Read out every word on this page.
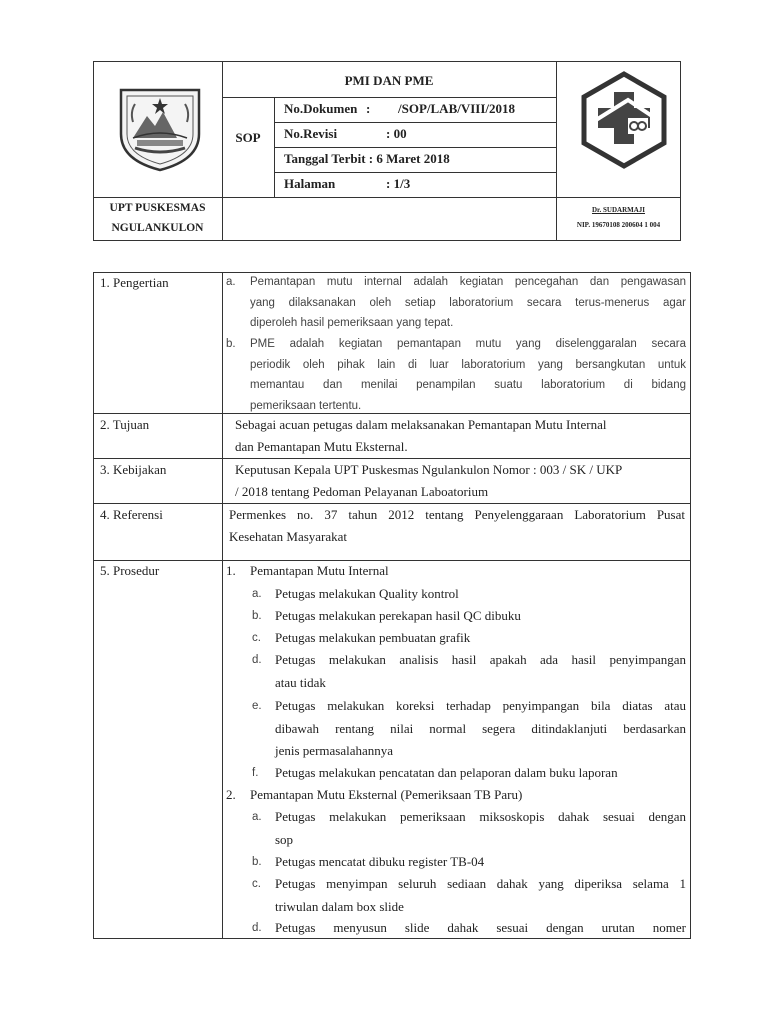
PMI DAN PME
SOP
No.Dokumen : /SOP/LAB/VIII/2018
No.Revisi	: 00
Tanggal Terbit : 6 Maret 2018
Halaman	: 1/3
UPT PUSKESMAS
NGULANKULON
Dr. SUDARMAJI
NIP. 19670108 200604 1 004
1. Pengertian
2. Tujuan
3. Kebijakan
4. Referensi
5. Prosedur
a. Pemantapan mutu internal adalah kegiatan pencegahan dan pengawasan
yang dilaksanakan oleh setiap laboratorium secara terus-menerus agar
diperoleh hasil pemeriksaan yang tepat.
b. PME adalah kegiatan pemantapan mutu yang diselenggaralan secara
periodik oleh pihak lain di luar laboratorium yang bersangkutan untuk
memantau dan menilai penampilan suatu laboratorium di bidang
pemeriksaan tertentu.
Sebagai acuan petugas dalam melaksanakan Pemantapan Mutu Internal
dan Pemantapan Mutu Eksternal.
Keputusan Kepala UPT Puskesmas Ngulankulon Nomor : 003 / SK / UKP
/ 2018 tentang Pedoman Pelayanan Laboatorium
Permenkes no. 37 tahun 2012 tentang Penyelenggaraan Laboratorium Pusat
Kesehatan Masyarakat
1. Pemantapan Mutu Internal
a. Petugas melakukan Quality kontrol
b. Petugas melakukan perekapan hasil QC dibuku
c. Petugas melakukan pembuatan grafik
d. Petugas melakukan analisis hasil apakah ada hasil penyimpangan
atau tidak
e. Petugas melakukan koreksi terhadap penyimpangan bila diatas atau
dibawah rentang nilai normal segera ditindaklanjuti berdasarkan
jenis permasalahannya
f. Petugas melakukan pencatatan dan pelaporan dalam buku laporan
2. Pemantapan Mutu Eksternal (Pemeriksaan TB Paru)
a. Petugas melakukan pemeriksaan miksoskopis dahak sesuai dengan
sop
b. Petugas mencatat dibuku register TB-04
c. Petugas menyimpan seluruh sediaan dahak yang diperiksa selama 1
triwulan dalam box slide
d. Petugas menyusun slide dahak sesuai dengan urutan nomer
